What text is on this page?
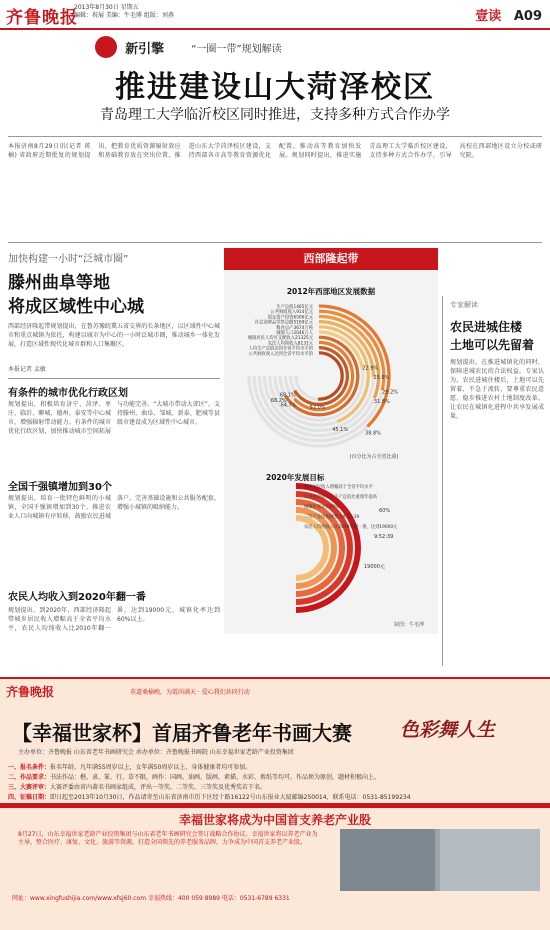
齐鲁晚报
2013年8月30日 星期五
编辑：祝展 美编：牛毛博 组版：刘燕	壹读 A09
新引擎	“一圈一带”规划解读
推进建设山大菏泽校区
青岛理工大学临沂校区同时推进，支持多种方式合作办学
本报济南8月29日讯(记者 蒋楠) 省政府近期批复的规划提出，把教育优质资源辐射效应和基础教育放在突出位置，推进山东大学菏泽校区建设，支持西部各市高等教育资源优化配置，推动高等教育加快发展。规划同时提出，推进实施青岛理工大学临沂校区建设，支持多种方式合作办学，引导高校在西部地区设立分校或研究院。
加快构建一小时“泛城市圈”
滕州曲阜等地
将成区域性中心城
西部经济隆起带规划提出，在鲁苏豫皖冀五省交界的长条地区，以区域性中心城市和重点城镇为依托，构建以城市为中心的一小时泛城市圈，推动城乡一体化发展，打造区域性现代化城市群和人口集聚区。
本报记者 孟敏
有条件的城市优化行政区划
规划提出，积极培育济宁、菏泽、枣庄、临沂、聊城、德州、泰安等中心城市，增强辐射带动能力。有条件的城市优化行政区划，加快推动城市空间拓展与功能完善。“大城市带动大郊区”，支持滕州、曲阜、邹城、新泰、肥城等县级市建设成为区域性中心城市。
全国千强镇增加到30个
规划提出，培育一批特色鲜明的小城镇，全国千强镇增加到30个。推进农业人口向城镇有序转移，鼓励农民进城落户，完善基础设施和公共服务配套，增强小城镇的吸纳能力。
农民人均收入到2020年翻一番
规划提出，到2020年，西部经济隆起带城乡居民收入增幅高于全省平均水平，农民人均纯收入比2010年翻一番，达到19000元，城镇化率达到60%以上。
西部隆起带
2012年西部地区发展数据
生产总值1465亿元
公共财政收入914亿元
固定资产投资6506亿元
社会消费品零售总额5169亿元
粮食总产3674万吨
城镇人口2046万人
城镇居民人均可支配收入21325元
农民人均纯收入8131元
人均生产总值达到全省平均水平的
公共财政收入达到全省平均水平的
38.8%
29.2%
31.8%
25.9%
45.1%
22.9%
68.2%
64.7%
68.1%
52.0%
(百分比为占全省比重)
2020年发展目标
城乡居民收入增幅高于全省平均水平
公共财政收入占生产总值比重逐年提高
城镇化率达到60%
三次产业结构调整为9:52:39
农民人均纯收入比2010年翻一番，达到19000元
60%
9:52:39
19000元
制图：牛毛博
专家解读
农民进城住楼
土地可以先留着
规划提出，在推进城镇化的同时，保障进城农民的合法权益。专家认为，农民进城住楼后，土地可以先留着，不急于流转，要尊重农民意愿，稳步推进农村土地制度改革，让农民在城镇化进程中共享发展成果。
齐鲁晚报	莫道桑榆晚，为霞尚满天 · 爱心我们共同行动
【幸福世家杯】首届齐鲁老年书画大赛	色彩舞人生
主办单位：齐鲁晚报 山东省老年书画研究会 承办单位：齐鲁晚报书画院 山东幸福世家老龄产业投资集团

一、报名条件：报名年龄，凡年满55周岁以上，女年满50周岁以上，身体健康者均可参加。

二、作品要求：书法作品：楷、隶、篆、行、草不限，画作：国画、油画、版画、素描、水彩、剪纸等均可。作品须为原创，题材积极向上。

三、大赛评审：大赛评委由省内著名书画家组成，评出一等奖、二等奖、三等奖及优秀奖若干名。

四、征稿日期：即日起至2013年10月30日，作品请寄至山东省济南市历下区经十路16122号山东报业大厦邮编250014，联系电话：0531-85199234

幸福世家将成为中国首支养老产业股
8月27日，山东幸福世家老龄产业投资集团与山东省老年书画研究会签订战略合作协议。幸福世家将以养老产业为主导，整合医疗、康复、文化、旅游等资源，打造全国领先的养老服务品牌，力争成为中国首支养老产业股。
网址：www.xingfushijia.com/www.xfsj60.com 幸福热线：400 059 8989 电话：0531-6789 6331
